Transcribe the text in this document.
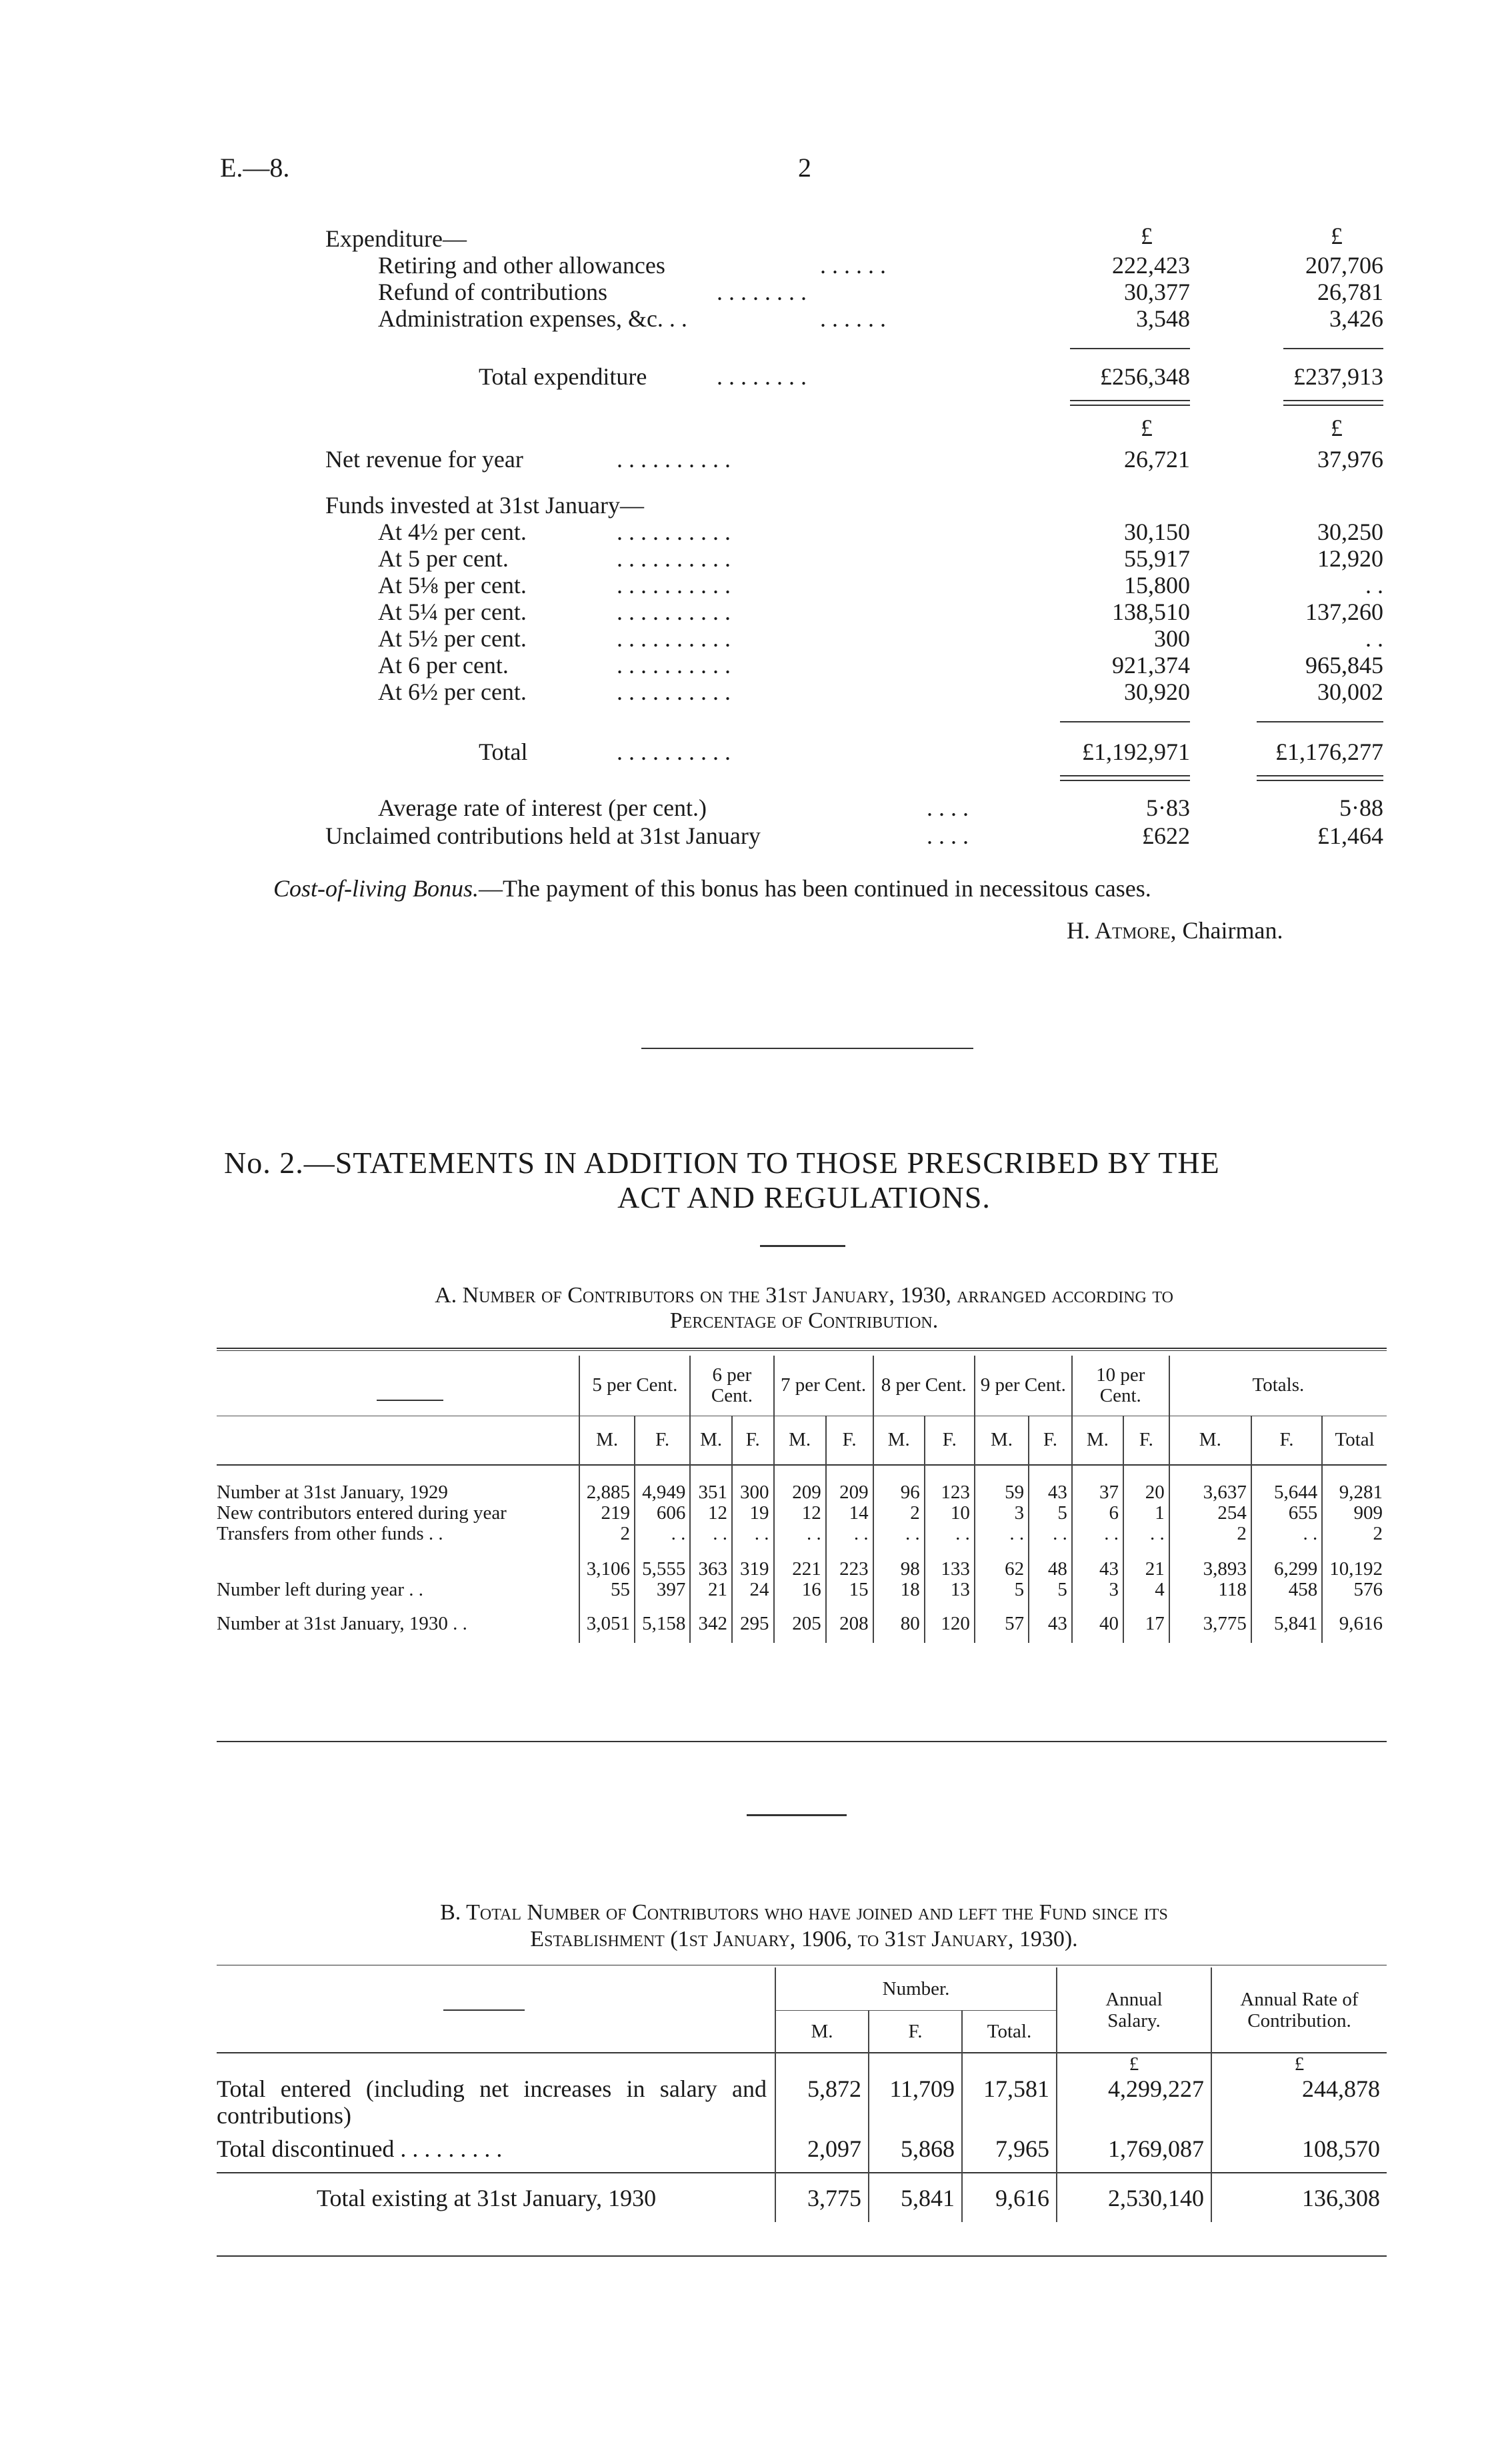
E.—8.	2
Expenditure—	£	£
Retiring and other allowances	. . . . . .	222,423	207,706
Refund of contributions	. . . . . . . .	30,377	26,781
Administration expenses, &c. . .	. . . . . .	3,548	3,426
Total expenditure	. . . . . . . .	£256,348	£237,913
£	£
Net revenue for year	. . . . . . . . . .	26,721	37,976
Funds invested at 31st January—
At 4½ per cent.	. . . . . . . . . .	30,150	30,250
At 5 per cent.	. . . . . . . . . .	55,917	12,920
At 5⅛ per cent.	. . . . . . . . . .	15,800	. .
At 5¼ per cent.	. . . . . . . . . .	138,510	137,260
At 5½ per cent.	. . . . . . . . . .	300	. .
At 6 per cent.	. . . . . . . . . .	921,374	965,845
At 6½ per cent.	. . . . . . . . . .	30,920	30,002
Total	. . . . . . . . . .	£1,192,971	£1,176,277
Average rate of interest (per cent.)	. . . .	5·83	5·88
Unclaimed contributions held at 31st January	. . . .	£622	£1,464
Cost-of-living Bonus.—The payment of this bonus has been continued in necessitous cases.
H. Atmore, Chairman.
No. 2.—STATEMENTS IN ADDITION TO THOSE PRESCRIBED BY THE
ACT AND REGULATIONS.
A. Number of Contributors on the 31st January, 1930, arranged according to
Percentage of Contribution.
	5 per Cent.		6 per Cent.		7 per Cent.		8 per Cent.		9 per Cent.		10 per Cent.		Totals.		
	M.	F.	M.	F.	M.	F.	M.	F.	M.	F.	M.	F.	M.	F.	Total

Number at 31st January, 1929	2,885	4,949	351	300	209	209	96	123	59	43	37	20	3,637	5,644	9,281
New contributors entered during year	219	606	12	19	12	14	2	10	3	5	6	1	254	655	909
Transfers from other funds . .	2	. .	. .	. .	. .	. .	. .	. .	. .	. .	. .	. .	2	. .	2

	3,106	5,555	363	319	221	223	98	133	62	48	43	21	3,893	6,299	10,192
Number left during year . .	55	397	21	24	16	15	18	13	5	5	3	4	118	458	576

Number at 31st January, 1930 . .	3,051	5,158	342	295	205	208	80	120	57	43	40	17	3,775	5,841	9,616
B. Total Number of Contributors who have joined and left the Fund since its
Establishment (1st January, 1906, to 31st January, 1930).
	Number.			Annual Salary.	Annual Rate of Contribution.
	M.	F.	Total.		
				£	£
Total entered (including net increases in salary and contributions)	5,872	11,709	17,581	4,299,227	244,878

Total discontinued . . . . . . . . .	2,097	5,868	7,965	1,769,087	108,570
Total existing at 31st January, 1930	3,775	5,841	9,616	2,530,140	136,308
